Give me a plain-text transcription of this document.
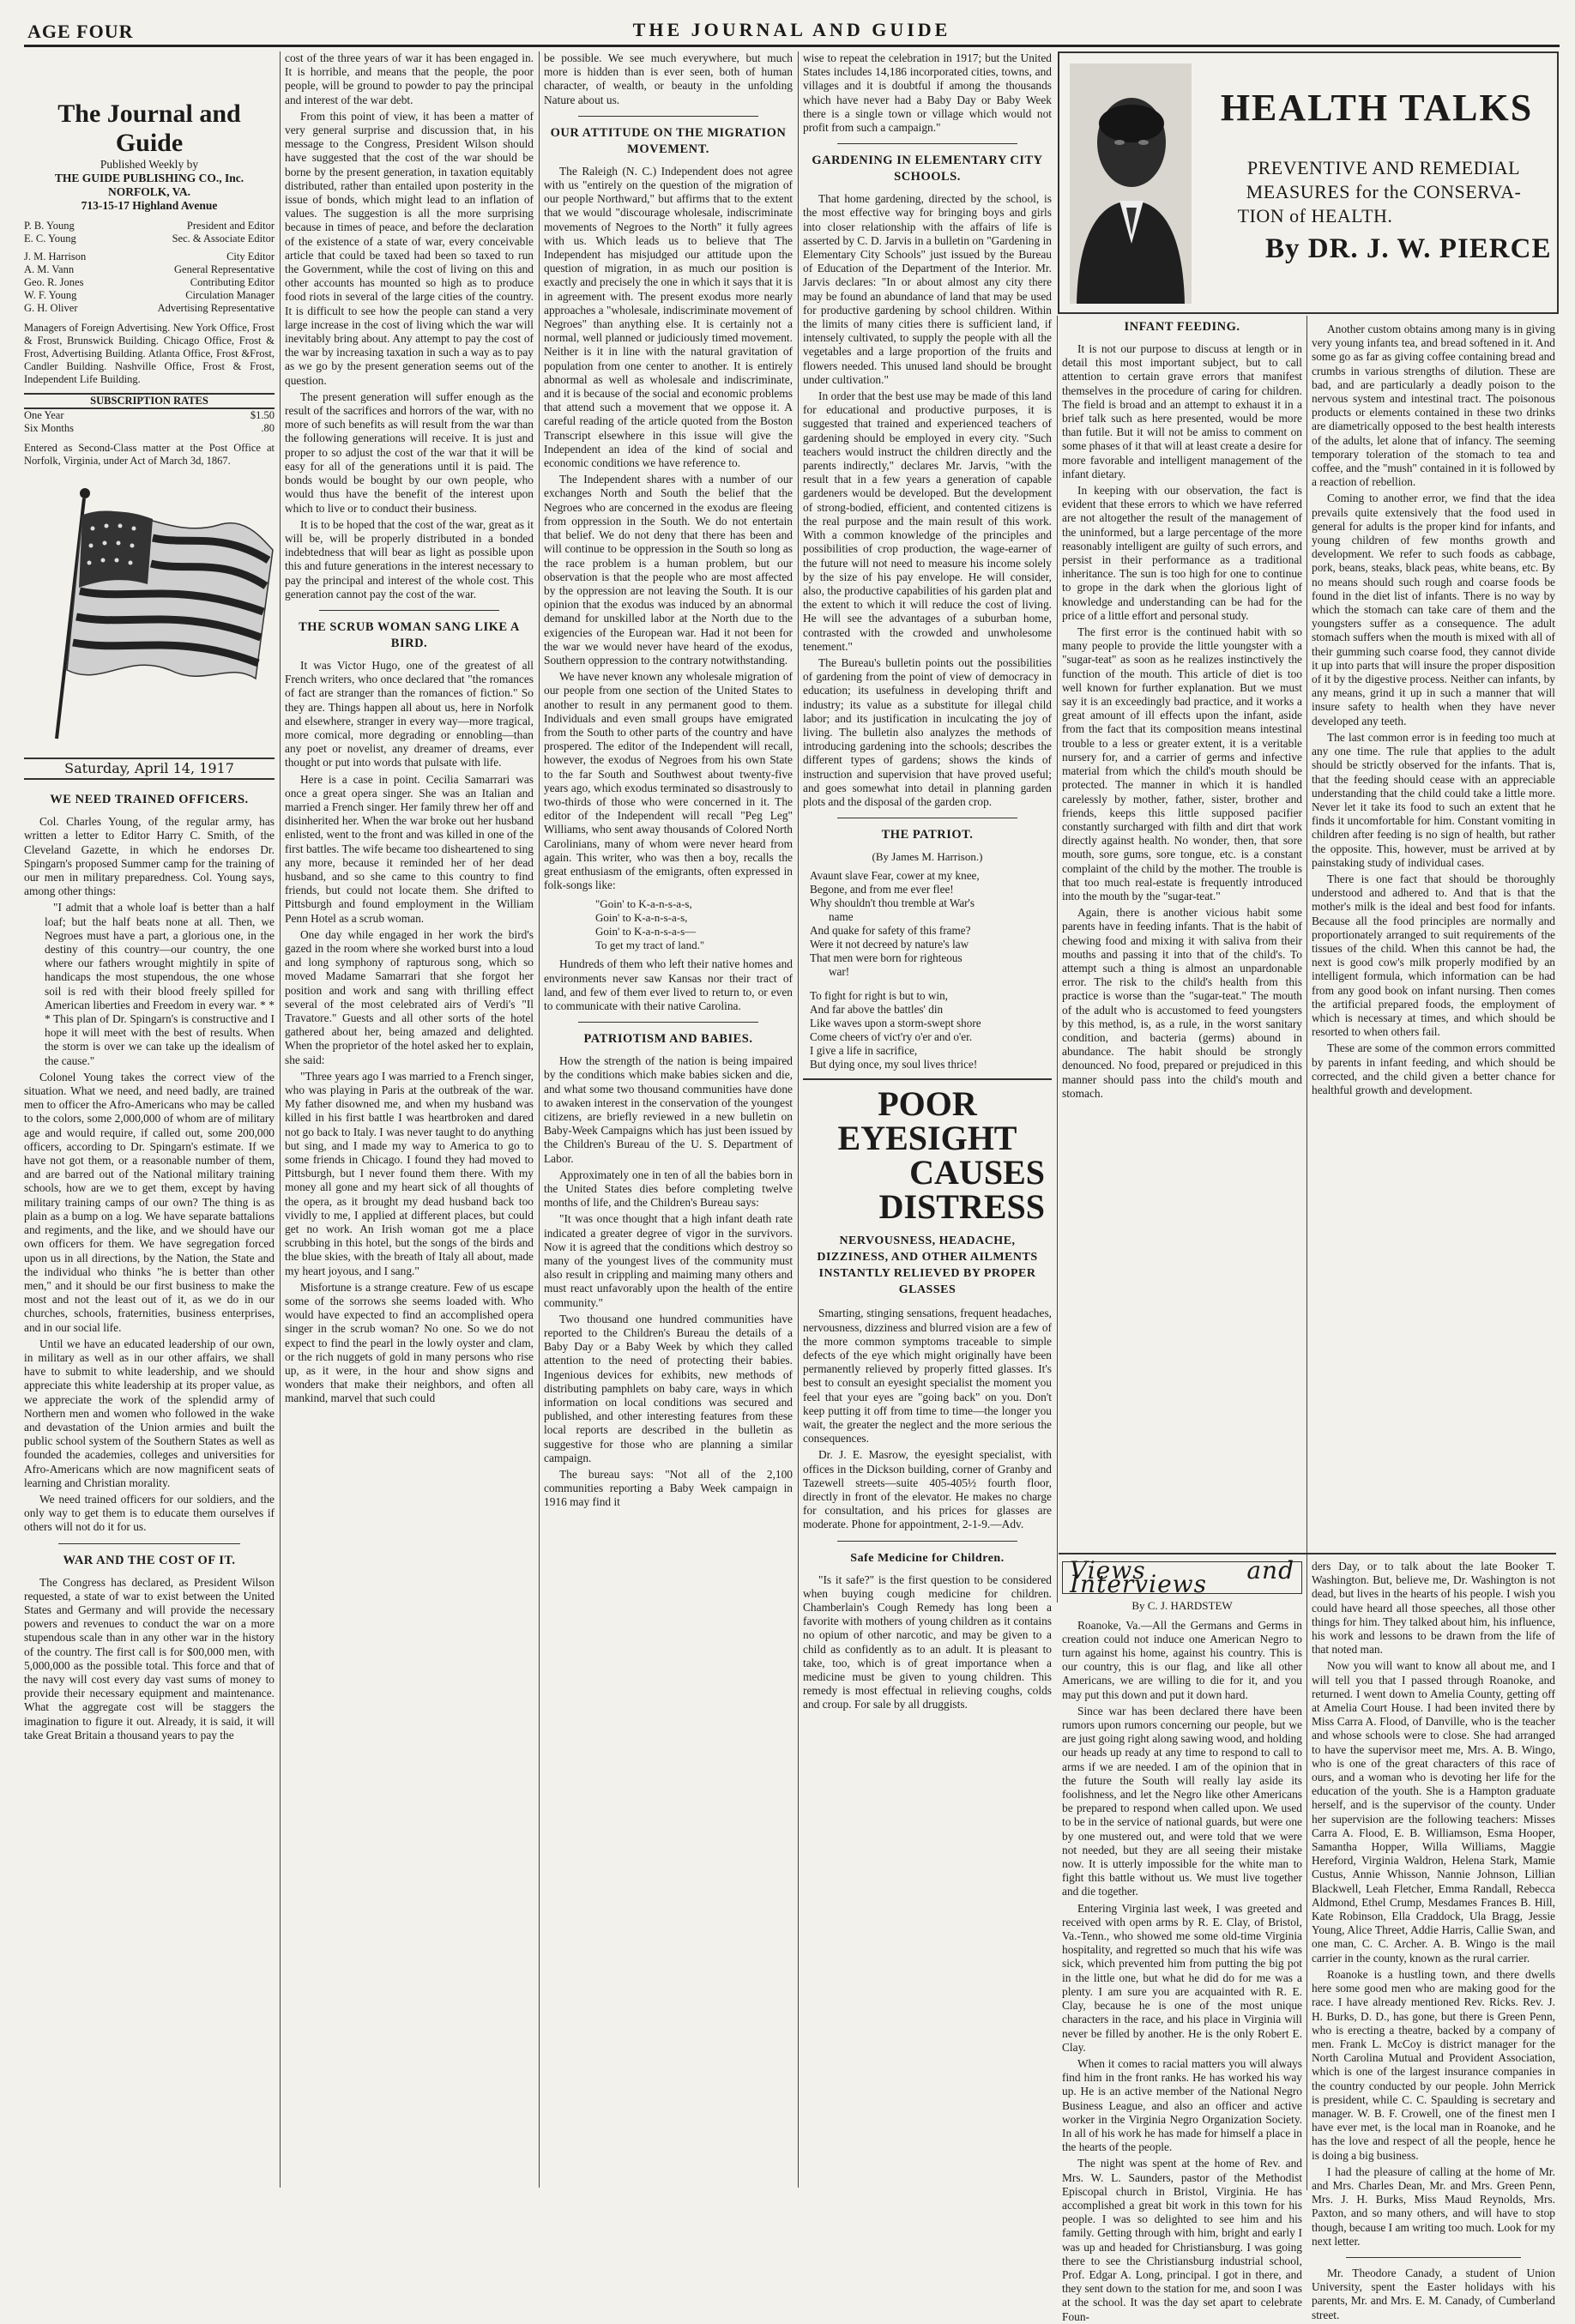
AGE FOUR	THE JOURNAL AND GUIDE
The Journal and Guide
Published Weekly by
THE GUIDE PUBLISHING CO., Inc.
NORFOLK, VA.
713-15-17 Highland Avenue
P. B. Young	President and Editor
E. C. Young	Sec. & Associate Editor
J. M. Harrison	City Editor
A. M. Vann	General Representative
Geo. R. Jones	Contributing Editor
W. F. Young	Circulation Manager
G. H. Oliver	Advertising Representative
Managers of Foreign Advertising. New York Office, Frost & Frost, Brunswick Building. Chicago Office, Frost & Frost, Advertising Building. Atlanta Office, Frost &Frost, Candler Building. Nashville Office, Frost & Frost, Independent Life Building.
SUBSCRIPTION RATES
One Year	$1.50
Six Months	.80
Entered as Second-Class matter at the Post Office at Norfolk, Virginia, under Act of March 3d, 1867.
Saturday, April 14, 1917
WE NEED TRAINED OFFICERS.

Col. Charles Young, of the regular army, has written a letter to Editor Harry C. Smith, of the Cleveland Gazette, in which he endorses Dr. Spingarn's proposed Summer camp for the training of our men in military preparedness. Col. Young says, among other things:

"I admit that a whole loaf is better than a half loaf; but the half beats none at all. Then, we Negroes must have a part, a glorious one, in the destiny of this country—our country, the one where our fathers wrought mightily in spite of handicaps the most stupendous, the one whose soil is red with their blood freely spilled for American liberties and Freedom in every war. * * * This plan of Dr. Spingarn's is constructive and I hope it will meet with the best of results. When the storm is over we can take up the idealism of the cause."

Colonel Young takes the correct view of the situation. What we need, and need badly, are trained men to officer the Afro-Americans who may be called to the colors, some 2,000,000 of whom are of military age and would require, if called out, some 200,000 officers, according to Dr. Spingarn's estimate. If we have not got them, or a reasonable number of them, and are barred out of the National military training schools, how are we to get them, except by having military training camps of our own? The thing is as plain as a bump on a log. We have separate battalions and regiments, and the like, and we should have our own officers for them. We have segregation forced upon us in all directions, by the Nation, the State and the individual who thinks "he is better than other men," and it should be our first business to make the most and not the least out of it, as we do in our churches, schools, fraternities, business enterprises, and in our social life.

Until we have an educated leadership of our own, in military as well as in our other affairs, we shall have to submit to white leadership, and we should appreciate this white leadership at its proper value, as we appreciate the work of the splendid army of Northern men and women who followed in the wake and devastation of the Union armies and built the public school system of the Southern States as well as founded the academies, colleges and universities for Afro-Americans which are now magnificent seats of learning and Christian morality.

We need trained officers for our soldiers, and the only way to get them is to educate them ourselves if others will not do it for us.

WAR AND THE COST OF IT.

The Congress has declared, as President Wilson requested, a state of war to exist between the United States and Germany and will provide the necessary powers and revenues to conduct the war on a more stupendous scale than in any other war in the history of the country. The first call is for $00,000 men, with 5,000,000 as the possible total. This force and that of the navy will cost every day vast sums of money to provide their necessary equipment and maintenance. What the aggregate cost will be staggers the imagination to figure it out. Already, it is said, it will take Great Britain a thousand years to pay the

cost of the three years of war it has been engaged in. It is horrible, and means that the people, the poor people, will be ground to powder to pay the principal and interest of the war debt.

From this point of view, it has been a matter of very general surprise and discussion that, in his message to the Congress, President Wilson should have suggested that the cost of the war should be borne by the present generation, in taxation equitably distributed, rather than entailed upon posterity in the issue of bonds, which might lead to an inflation of values. The suggestion is all the more surprising because in times of peace, and before the declaration of the existence of a state of war, every conceivable article that could be taxed had been so taxed to run the Government, while the cost of living on this and other accounts has mounted so high as to produce food riots in several of the large cities of the country. It is difficult to see how the people can stand a very large increase in the cost of living which the war will inevitably bring about. Any attempt to pay the cost of the war by increasing taxation in such a way as to pay as we go by the present generation seems out of the question.

The present generation will suffer enough as the result of the sacrifices and horrors of the war, with no more of such benefits as will result from the war than the following generations will receive. It is just and proper to so adjust the cost of the war that it will be easy for all of the generations until it is paid. The bonds would be bought by our own people, who would thus have the benefit of the interest upon which to live or to conduct their business.

It is to be hoped that the cost of the war, great as it will be, will be properly distributed in a bonded indebtedness that will bear as light as possible upon this and future generations in the interest necessary to pay the principal and interest of the whole cost. This generation cannot pay the cost of the war.

THE SCRUB WOMAN SANG LIKE A BIRD.

It was Victor Hugo, one of the greatest of all French writers, who once declared that "the romances of fact are stranger than the romances of fiction." So they are. Things happen all about us, here in Norfolk and elsewhere, stranger in every way—more tragical, more comical, more degrading or ennobling—than any poet or novelist, any dreamer of dreams, ever thought or put into words that pulsate with life.

Here is a case in point. Cecilia Samarrari was once a great opera singer. She was an Italian and married a French singer. Her family threw her off and disinherited her. When the war broke out her husband enlisted, went to the front and was killed in one of the first battles. The wife became too disheartened to sing any more, because it reminded her of her dead husband, and so she came to this country to find friends, but could not locate them. She drifted to Pittsburgh and found employment in the William Penn Hotel as a scrub woman.

One day while engaged in her work the bird's gazed in the room where she worked burst into a loud and long symphony of rapturous song, which so moved Madame Samarrari that she forgot her position and work and sang with thrilling effect several of the most celebrated airs of Verdi's "Il Travatore." Guests and all other sorts of the hotel gathered about her, being amazed and delighted. When the proprietor of the hotel asked her to explain, she said:

"Three years ago I was married to a French singer, who was playing in Paris at the outbreak of the war. My father disowned me, and when my husband was killed in his first battle I was heartbroken and dared not go back to Italy. I was never taught to do anything but sing, and I made my way to America to go to some friends in Chicago. I found they had moved to Pittsburgh, but I never found them there. With my money all gone and my heart sick of all thoughts of the opera, as it brought my dead husband back too vividly to me, I applied at different places, but could get no work. An Irish woman got me a place scrubbing in this hotel, but the songs of the birds and the blue skies, with the breath of Italy all about, made my heart joyous, and I sang."

Misfortune is a strange creature. Few of us escape some of the sorrows she seems loaded with. Who would have expected to find an accomplished opera singer in the scrub woman? No one. So we do not expect to find the pearl in the lowly oyster and clam, or the rich nuggets of gold in many persons who rise up, as it were, in the hour and show signs and wonders that make their neighbors, and often all mankind, marvel that such could

be possible. We see much everywhere, but much more is hidden than is ever seen, both of human character, of wealth, or beauty in the unfolding Nature about us.

OUR ATTITUDE ON THE MIGRATION MOVEMENT.

The Raleigh (N. C.) Independent does not agree with us "entirely on the question of the migration of our people Northward," but affirms that to the extent that we would "discourage wholesale, indiscriminate movements of Negroes to the North" it fully agrees with us. Which leads us to believe that The Independent has misjudged our attitude upon the question of migration, in as much our position is exactly and precisely the one in which it says that it is in agreement with. The present exodus more nearly approaches a "wholesale, indiscriminate movement of Negroes" than anything else. It is certainly not a normal, well planned or judiciously timed movement. Neither is it in line with the natural gravitation of population from one center to another. It is entirely abnormal as well as wholesale and indiscriminate, and it is because of the social and economic problems that attend such a movement that we oppose it. A careful reading of the article quoted from the Boston Transcript elsewhere in this issue will give the Independent an idea of the kind of social and economic conditions we have reference to.

The Independent shares with a number of our exchanges North and South the belief that the Negroes who are concerned in the exodus are fleeing from oppression in the South. We do not entertain that belief. We do not deny that there has been and will continue to be oppression in the South so long as the race problem is a human problem, but our observation is that the people who are most affected by the oppression are not leaving the South. It is our opinion that the exodus was induced by an abnormal demand for unskilled labor at the North due to the exigencies of the European war. Had it not been for the war we would never have heard of the exodus, Southern oppression to the contrary notwithstanding.

We have never known any wholesale migration of our people from one section of the United States to another to result in any permanent good to them. Individuals and even small groups have emigrated from the South to other parts of the country and have prospered. The editor of the Independent will recall, however, the exodus of Negroes from his own State to the far South and Southwest about twenty-five years ago, which exodus terminated so disastrously to two-thirds of those who were concerned in it. The editor of the Independent will recall "Peg Leg" Williams, who sent away thousands of Colored North Carolinians, many of whom were never heard from again. This writer, who was then a boy, recalls the great enthusiasm of the emigrants, often expressed in folk-songs like:

"Goin' to K-a-n-s-a-s,
Goin' to K-a-n-s-a-s,
Goin' to K-a-n-s-a-s—
To get my tract of land."

Hundreds of them who left their native homes and environments never saw Kansas nor their tract of land, and few of them ever lived to return to, or even to communicate with their native Carolina.

PATRIOTISM AND BABIES.

How the strength of the nation is being impaired by the conditions which make babies sicken and die, and what some two thousand communities have done to awaken interest in the conservation of the youngest citizens, are briefly reviewed in a new bulletin on Baby-Week Campaigns which has just been issued by the Children's Bureau of the U. S. Department of Labor.

Approximately one in ten of all the babies born in the United States dies before completing twelve months of life, and the Children's Bureau says:

"It was once thought that a high infant death rate indicated a greater degree of vigor in the survivors. Now it is agreed that the conditions which destroy so many of the youngest lives of the community must also result in crippling and maiming many others and must react unfavorably upon the health of the entire community."

Two thousand one hundred communities have reported to the Children's Bureau the details of a Baby Day or a Baby Week by which they called attention to the need of protecting their babies. Ingenious devices for exhibits, new methods of distributing pamphlets on baby care, ways in which information on local conditions was secured and published, and other interesting features from these local reports are described in the bulletin as suggestive for those who are planning a similar campaign.

The bureau says: "Not all of the 2,100 communities reporting a Baby Week campaign in 1916 may find it

wise to repeat the celebration in 1917; but the United States includes 14,186 incorporated cities, towns, and villages and it is doubtful if among the thousands which have never had a Baby Day or Baby Week there is a single town or village which would not profit from such a campaign."

GARDENING IN ELEMENTARY CITY SCHOOLS.

That home gardening, directed by the school, is the most effective way for bringing boys and girls into closer relationship with the affairs of life is asserted by C. D. Jarvis in a bulletin on "Gardening in Elementary City Schools" just issued by the Bureau of Education of the Department of the Interior. Mr. Jarvis declares: "In or about almost any city there may be found an abundance of land that may be used for productive gardening by school children. Within the limits of many cities there is sufficient land, if intensely cultivated, to supply the people with all the vegetables and a large proportion of the fruits and flowers needed. This unused land should be brought under cultivation."

In order that the best use may be made of this land for educational and productive purposes, it is suggested that trained and experienced teachers of gardening should be employed in every city. "Such teachers would instruct the children directly and the parents indirectly," declares Mr. Jarvis, "with the result that in a few years a generation of capable gardeners would be developed. But the development of strong-bodied, efficient, and contented citizens is the real purpose and the main result of this work. With a common knowledge of the principles and possibilities of crop production, the wage-earner of the future will not need to measure his income solely by the size of his pay envelope. He will consider, also, the productive capabilities of his garden plat and the extent to which it will reduce the cost of living. He will see the advantages of a suburban home, contrasted with the crowded and unwholesome tenement."

The Bureau's bulletin points out the possibilities of gardening from the point of view of democracy in education; its usefulness in developing thrift and industry; its value as a substitute for illegal child labor; and its justification in inculcating the joy of living. The bulletin also analyzes the methods of introducing gardening into the schools; describes the different types of gardens; shows the kinds of instruction and supervision that have proved useful; and goes somewhat into detail in planning garden plots and the disposal of the garden crop.

THE PATRIOT.
(By James M. Harrison.)
Avaunt slave Fear, cower at my knee,
Begone, and from me ever flee!
Why shouldn't thou tremble at War's
name
And quake for safety of this frame?
Were it not decreed by nature's law
That men were born for righteous
war!
To fight for right is but to win,
And far above the battles' din
Like waves upon a storm-swept shore
Come cheers of vict'ry o'er and o'er.
I give a life in sacrifice,
But dying once, my soul lives thrice!
POOR EYESIGHT
CAUSES DISTRESS
NERVOUSNESS, HEADACHE, DIZZINESS, AND OTHER AILMENTS INSTANTLY RELIEVED BY PROPER GLASSES

Smarting, stinging sensations, frequent headaches, nervousness, dizziness and blurred vision are a few of the more common symptoms traceable to simple defects of the eye which might originally have been permanently relieved by properly fitted glasses. It's best to consult an eyesight specialist the moment you feel that your eyes are "going back" on you. Don't keep putting it off from time to time—the longer you wait, the greater the neglect and the more serious the consequences.

Dr. J. E. Masrow, the eyesight specialist, with offices in the Dickson building, corner of Granby and Tazewell streets—suite 405-405½ fourth floor, directly in front of the elevator. He makes no charge for consultation, and his prices for glasses are moderate. Phone for appointment, 2-1-9.—Adv.

Safe Medicine for Children.

"Is it safe?" is the first question to be considered when buying cough medicine for children. Chamberlain's Cough Remedy has long been a favorite with mothers of young children as it contains no opium of other narcotic, and may be given to a child as confidently as to an adult. It is pleasant to take, too, which is of great importance when a medicine must be given to young children. This remedy is most effectual in relieving coughs, colds and croup. For sale by all druggists.

HEALTH TALKS
PREVENTIVE AND REMEDIAL
MEASURES for the CONSERVA-
TION of HEALTH.
By DR. J. W. PIERCE
INFANT FEEDING.

It is not our purpose to discuss at length or in detail this most important subject, but to call attention to certain grave errors that manifest themselves in the procedure of caring for children. The field is broad and an attempt to exhaust it in a brief talk such as here presented, would be more than futile. But it will not be amiss to comment on some phases of it that will at least create a desire for more favorable and intelligent management of the infant dietary.

In keeping with our observation, the fact is evident that these errors to which we have referred are not altogether the result of the management of the uninformed, but a large percentage of the more reasonably intelligent are guilty of such errors, and persist in their performance as a traditional inheritance. The sun is too high for one to continue to grope in the dark when the glorious light of knowledge and understanding can be had for the price of a little effort and personal study.

The first error is the continued habit with so many people to provide the little youngster with a "sugar-teat" as soon as he realizes instinctively the function of the mouth. This article of diet is too well known for further explanation. But we must say it is an exceedingly bad practice, and it works a great amount of ill effects upon the infant, aside from the fact that its composition means intestinal trouble to a less or greater extent, it is a veritable nursery for, and a carrier of germs and infective material from which the child's mouth should be protected. The manner in which it is handled carelessly by mother, father, sister, brother and friends, keeps this little supposed pacifier constantly surcharged with filth and dirt that work directly against health. No wonder, then, that sore mouth, sore gums, sore tongue, etc. is a constant complaint of the child by the mother. The trouble is that too much real-estate is frequently introduced into the mouth by the "sugar-teat."

Again, there is another vicious habit some parents have in feeding infants. That is the habit of chewing food and mixing it with saliva from their mouths and passing it into that of the child's. To attempt such a thing is almost an unpardonable error. The risk to the child's health from this practice is worse than the "sugar-teat." The mouth of the adult who is accustomed to feed youngsters by this method, is, as a rule, in the worst sanitary condition, and bacteria (germs) abound in abundance. The habit should be strongly denounced. No food, prepared or prejudiced in this manner should pass into the child's mouth and stomach.

Another custom obtains among many is in giving very young infants tea, and bread softened in it. And some go as far as giving coffee containing bread and crumbs in various strengths of dilution. These are bad, and are particularly a deadly poison to the nervous system and intestinal tract. The poisonous products or elements contained in these two drinks are diametrically opposed to the best health interests of the adults, let alone that of infancy. The seeming temporary toleration of the stomach to tea and coffee, and the "mush" contained in it is followed by a reaction of rebellion.

Coming to another error, we find that the idea prevails quite extensively that the food used in general for adults is the proper kind for infants, and young children of few months growth and development. We refer to such foods as cabbage, pork, beans, steaks, black peas, white beans, etc. By no means should such rough and coarse foods be found in the diet list of infants. There is no way by which the stomach can take care of them and the youngsters suffer as a consequence. The adult stomach suffers when the mouth is mixed with all of their gumming such coarse food, they cannot divide it up into parts that will insure the proper disposition of it by the digestive process. Neither can infants, by any means, grind it up in such a manner that will insure safety to health when they have never developed any teeth.

The last common error is in feeding too much at any one time. The rule that applies to the adult should be strictly observed for the infants. That is, that the feeding should cease with an appreciable understanding that the child could take a little more. Never let it take its food to such an extent that he finds it uncomfortable for him. Constant vomiting in children after feeding is no sign of health, but rather the opposite. This, however, must be arrived at by painstaking study of individual cases.

There is one fact that should be thoroughly understood and adhered to. And that is that the mother's milk is the ideal and best food for infants. Because all the food principles are normally and proportionately arranged to suit requirements of the tissues of the child. When this cannot be had, the next is good cow's milk properly modified by an intelligent formula, which information can be had from any good book on infant nursing. Then comes the artificial prepared foods, the employment of which is necessary at times, and which should be resorted to when others fail.

These are some of the common errors committed by parents in infant feeding, and which should be corrected, and the child given a better chance for healthful growth and development.

Views and Interviews
By C. J. HARDSTEW

Roanoke, Va.—All the Germans and Germs in creation could not induce one American Negro to turn against his home, against his country. This is our country, this is our flag, and like all other Americans, we are willing to die for it, and you may put this down and put it down hard.

Since war has been declared there have been rumors upon rumors concerning our people, but we are just going right along sawing wood, and holding our heads up ready at any time to respond to call to arms if we are needed. I am of the opinion that in the future the South will really lay aside its foolishness, and let the Negro like other Americans be prepared to respond when called upon. We used to be in the service of national guards, but were one by one mustered out, and were told that we were not needed, but they are all seeing their mistake now. It is utterly impossible for the white man to fight this battle without us. We must live together and die together.

Entering Virginia last week, I was greeted and received with open arms by R. E. Clay, of Bristol, Va.-Tenn., who showed me some old-time Virginia hospitality, and regretted so much that his wife was sick, which prevented him from putting the big pot in the little one, but what he did do for me was a plenty. I am sure you are acquainted with R. E. Clay, because he is one of the most unique characters in the race, and his place in Virginia will never be filled by another. He is the only Robert E. Clay.

When it comes to racial matters you will always find him in the front ranks. He has worked his way up. He is an active member of the National Negro Business League, and also an officer and active worker in the Virginia Negro Organization Society. In all of his work he has made for himself a place in the hearts of the people.

The night was spent at the home of Rev. and Mrs. W. L. Saunders, pastor of the Methodist Episcopal church in Bristol, Virginia. He has accomplished a great bit work in this town for his people. I was so delighted to see him and his family. Getting through with him, bright and early I was up and headed for Christiansburg. I was going there to see the Christiansburg industrial school, Prof. Edgar A. Long, principal. I got in there, and they sent down to the station for me, and soon I was at the school. It was the day set apart to celebrate Foun-

ders Day, or to talk about the late Booker T. Washington. But, believe me, Dr. Washington is not dead, but lives in the hearts of his people. I wish you could have heard all those speeches, all those other things for him. They talked about him, his influence, his work and lessons to be drawn from the life of that noted man.

Now you will want to know all about me, and I will tell you that I passed through Roanoke, and returned. I went down to Amelia County, getting off at Amelia Court House. I had been invited there by Miss Carra A. Flood, of Danville, who is the teacher and whose schools were to close. She had arranged to have the supervisor meet me, Mrs. A. B. Wingo, who is one of the great characters of this race of ours, and a woman who is devoting her life for the education of the youth. She is a Hampton graduate herself, and is the supervisor of the county. Under her supervision are the following teachers: Misses Carra A. Flood, E. B. Williamson, Esma Hooper, Samantha Hopper, Willa Williams, Maggie Hereford, Virginia Waldron, Helena Stark, Mamie Custus, Annie Whisson, Nannie Johnson, Lillian Blackwell, Leah Fletcher, Emma Randall, Rebecca Aldmond, Ethel Crump, Mesdames Frances B. Hill, Kate Robinson, Ella Craddock, Ula Bragg, Jessie Young, Alice Threet, Addie Harris, Callie Swan, and one man, C. C. Archer. A. B. Wingo is the mail carrier in the county, known as the rural carrier.

Roanoke is a hustling town, and there dwells here some good men who are making good for the race. I have already mentioned Rev. Ricks. Rev. J. H. Burks, D. D., has gone, but there is Green Penn, who is erecting a theatre, backed by a company of men. Frank L. McCoy is district manager for the North Carolina Mutual and Provident Association, which is one of the largest insurance companies in the country conducted by our people. John Merrick is president, while C. C. Spaulding is secretary and manager. W. B. F. Crowell, one of the finest men I have ever met, is the local man in Roanoke, and he has the love and respect of all the people, hence he is doing a big business.

I had the pleasure of calling at the home of Mr. and Mrs. Charles Dean, Mr. and Mrs. Green Penn, Mrs. J. H. Burks, Miss Maud Reynolds, Mrs. Paxton, and so many others, and will have to stop though, because I am writing too much. Look for my next letter.

Mr. Theodore Canady, a student of Union University, spent the Easter holidays with his parents, Mr. and Mrs. E. M. Canady, of Cumberland street.
